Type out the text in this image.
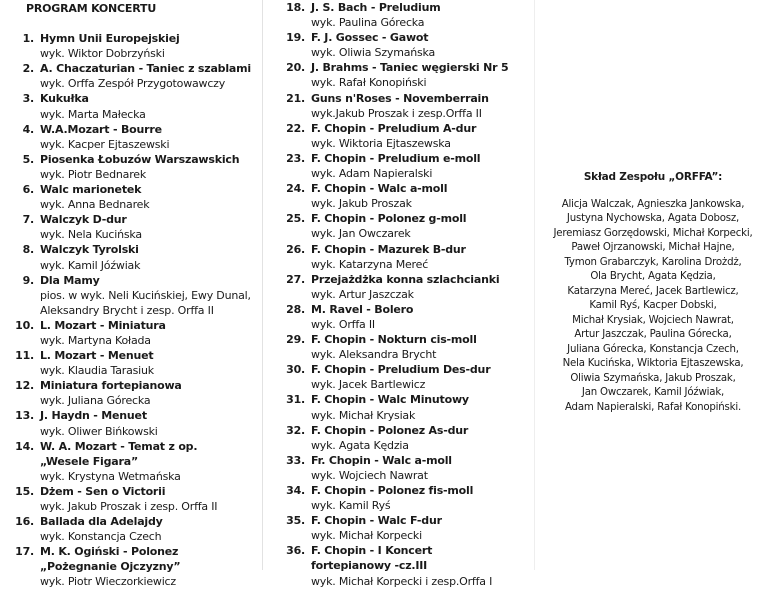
PROGRAM KONCERTU
1. Hymn Unii Europejskiej
wyk. Wiktor Dobrzyński
2. A. Chaczaturian - Taniec z szablami
wyk. Orffa Zespół Przygotowawczy
3. Kukułka
wyk. Marta Małecka
4. W.A.Mozart - Bourre
wyk. Kacper Ejtaszewski
5. Piosenka Łobuzów Warszawskich
wyk. Piotr Bednarek
6. Walc marionetek
wyk. Anna Bednarek
7. Walczyk D-dur
wyk. Nela Kucińska
8. Walczyk Tyrolski
wyk. Kamil Jóźwiak
9. Dla Mamy
pios. w wyk. Neli Kucińskiej, Ewy Dunal,
Aleksandry Brycht i zesp. Orffa II
10. L. Mozart - Miniatura
wyk. Martyna Kołada
11. L. Mozart - Menuet
wyk. Klaudia Tarasiuk
12. Miniatura fortepianowa
wyk. Juliana Górecka
13. J. Haydn - Menuet
wyk. Oliwer Bińkowski
14. W. A. Mozart - Temat z op.
„Wesele Figara”
wyk. Krystyna Wetmańska
15. Dżem - Sen o Victorii
wyk. Jakub Proszak i zesp. Orffa II
16. Ballada dla Adelajdy
wyk. Konstancja Czech
17. M. K. Ogiński - Polonez
„Pożegnanie Ojczyzny”
wyk. Piotr Wieczorkiewicz
18. J. S. Bach - Preludium
wyk. Paulina Górecka
19. F. J. Gossec - Gawot
wyk. Oliwia Szymańska
20. J. Brahms - Taniec węgierski Nr 5
wyk. Rafał Konopiński
21. Guns n'Roses - Novemberrain
wyk.Jakub Proszak i zesp.Orffa II
22. F. Chopin - Preludium A-dur
wyk. Wiktoria Ejtaszewska
23. F. Chopin - Preludium e-moll
wyk. Adam Napieralski
24. F. Chopin - Walc a-moll
wyk. Jakub Proszak
25. F. Chopin - Polonez g-moll
wyk. Jan Owczarek
26. F. Chopin - Mazurek B-dur
wyk. Katarzyna Mereć
27. Przejażdżka konna szlachcianki
wyk. Artur Jaszczak
28. M. Ravel - Bolero
wyk. Orffa II
29. F. Chopin - Nokturn cis-moll
wyk. Aleksandra Brycht
30. F. Chopin - Preludium Des-dur
wyk. Jacek Bartlewicz
31. F. Chopin - Walc Minutowy
wyk. Michał Krysiak
32. F. Chopin - Polonez As-dur
wyk. Agata Kędzia
33. Fr. Chopin - Walc a-moll
wyk. Wojciech Nawrat
34. F. Chopin - Polonez fis-moll
wyk. Kamil Ryś
35. F. Chopin - Walc F-dur
wyk. Michał Korpecki
36. F. Chopin - I Koncert
fortepianowy -cz.III
wyk. Michał Korpecki i zesp.Orffa I
Skład Zespołu „ORFFA”:
Alicja Walczak, Agnieszka Jankowska,
Justyna Nychowska, Agata Dobosz,
Jeremiasz Gorzędowski, Michał Korpecki,
Paweł Ojrzanowski, Michał Hajne,
Tymon Grabarczyk, Karolina Drożdż,
Ola Brycht, Agata Kędzia,
Katarzyna Mereć, Jacek Bartlewicz,
Kamil Ryś, Kacper Dobski,
Michał Krysiak, Wojciech Nawrat,
Artur Jaszczak, Paulina Górecka,
Juliana Górecka, Konstancja Czech,
Nela Kucińska, Wiktoria Ejtaszewska,
Oliwia Szymańska, Jakub Proszak,
Jan Owczarek, Kamil Jóźwiak,
Adam Napieralski, Rafał Konopiński.
